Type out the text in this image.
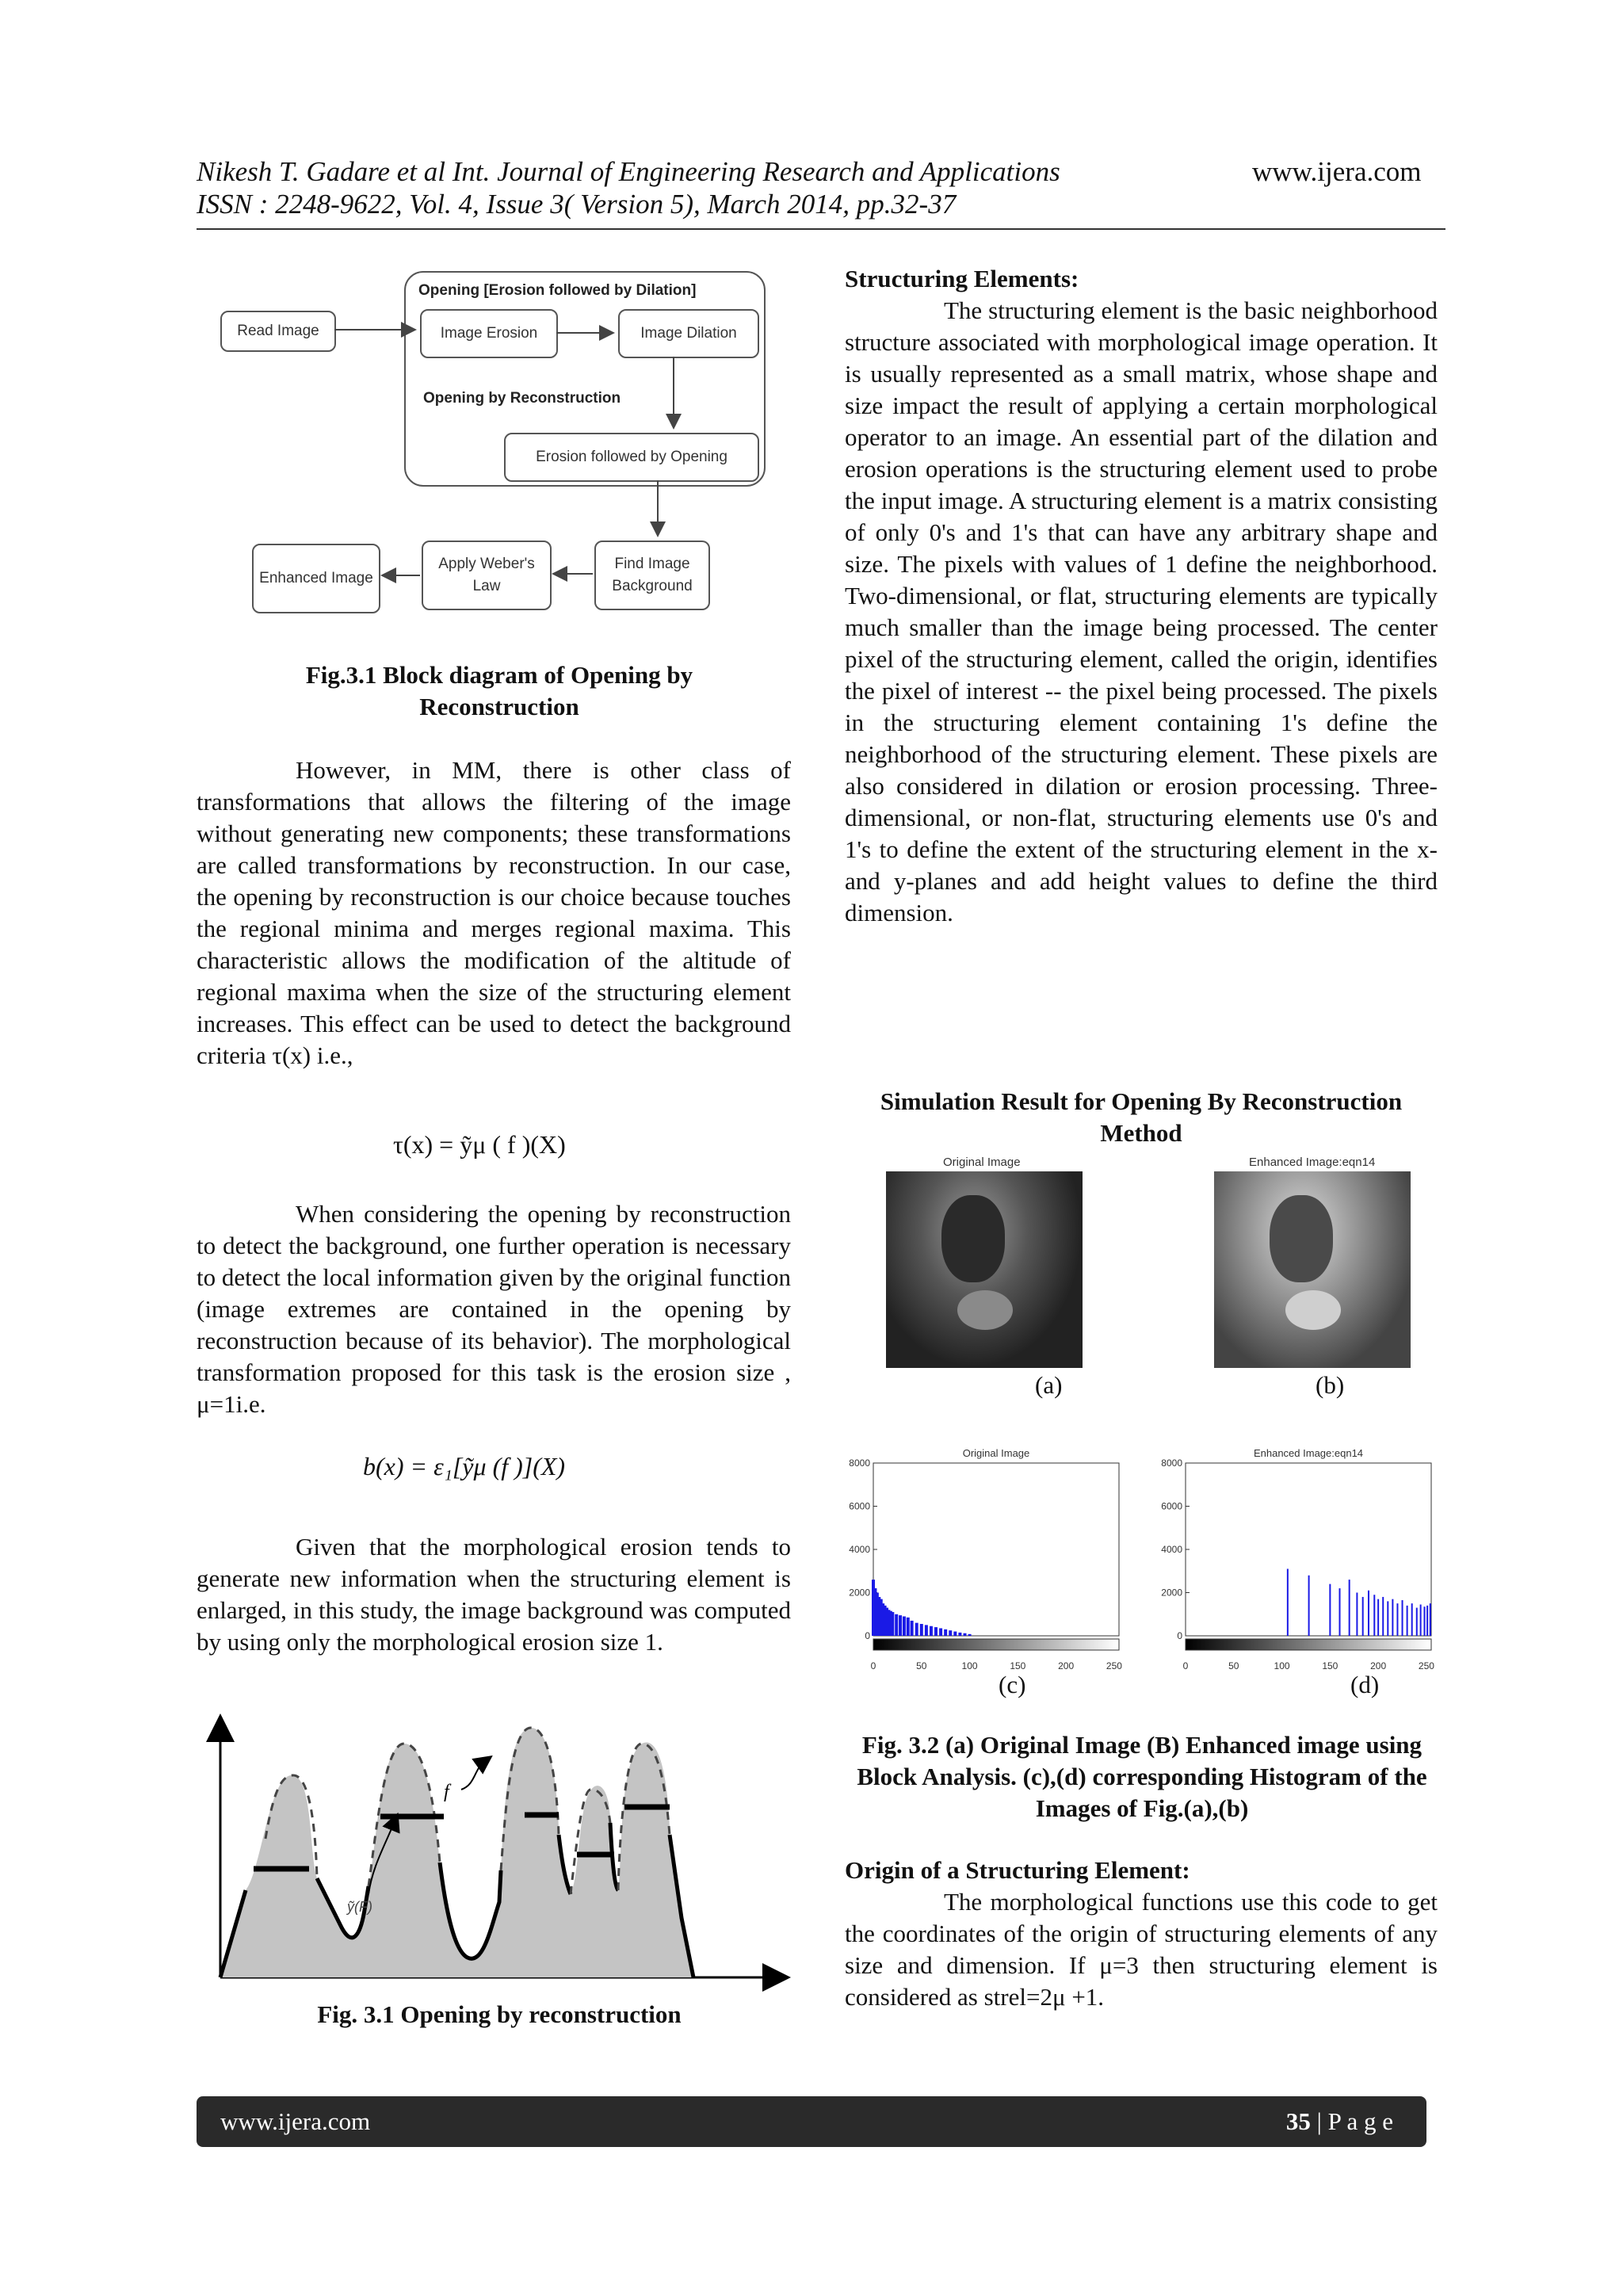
Nikesh T. Gadare et al Int. Journal of Engineering Research and Applications
ISSN : 2248-9622, Vol. 4, Issue 3( Version 5), March 2014, pp.32-37
www.ijera.com
Opening [Erosion followed by Dilation]
Opening by Reconstruction
Read Image	Image Erosion	Image Dilation
Erosion followed by Opening
Find Image Background
Apply Weber's Law
Enhanced Image
Fig.3.1 Block diagram of Opening by Reconstruction

However, in MM, there is other class of transformations that allows the filtering of the image without generating new components; these transformations are called transformations by reconstruction. In our case, the opening by reconstruction is our choice because touches the regional minima and merges regional maxima. This characteristic allows the modification of the altitude of regional maxima when the size of the structuring element increases. This effect can be used to detect the background criteria τ(x) i.e.,

τ(x) = ỹμ ( f )(X)

When considering the opening by reconstruction to detect the background, one further operation is necessary to detect the local information given by the original function (image extremes are contained in the opening by reconstruction because of its behavior). The morphological transformation proposed for this task is the erosion size , μ=1i.e.

b(x) = ε₁[ỹμ (f )](X)

Given that the morphological erosion tends to generate new information when the structuring element is enlarged, in this study, the image background was computed by using only the morphological erosion size 1.

f
ỹ(F)
Fig. 3.1 Opening by reconstruction
Structuring Elements:

The structuring element is the basic neighborhood structure associated with morphological image operation. It is usually represented as a small matrix, whose shape and size impact the result of applying a certain morphological operator to an image. An essential part of the dilation and erosion operations is the structuring element used to probe the input image. A structuring element is a matrix consisting of only 0's and 1's that can have any arbitrary shape and size. The pixels with values of 1 define the neighborhood. Two-dimensional, or flat, structuring elements are typically much smaller than the image being processed. The center pixel of the structuring element, called the origin, identifies the pixel of interest -- the pixel being processed. The pixels in the structuring element containing 1's define the neighborhood of the structuring element. These pixels are also considered in dilation or erosion processing. Three-dimensional, or non-flat, structuring elements use 0's and 1's to define the extent of the structuring element in the x- and y-planes and add height values to define the third dimension.

Simulation Result for Opening By Reconstruction Method
Original Image	Enhanced Image:eqn14
(a)	(b)
Original Image
0
2000
4000
6000
8000
0	50	100	150	200	250
Enhanced Image:eqn14
0
2000
4000
6000
8000
0	50	100	150	200	250
(c)	(d)
Fig. 3.2 (a) Original Image (B) Enhanced image using Block Analysis. (c),(d) corresponding Histogram of the Images of Fig.(a),(b)
Origin of a Structuring Element:

The morphological functions use this code to get the coordinates of the origin of structuring elements of any size and dimension. If μ=3 then structuring element is considered as strel=2μ +1.

www.ijera.com	35 | P a g e
